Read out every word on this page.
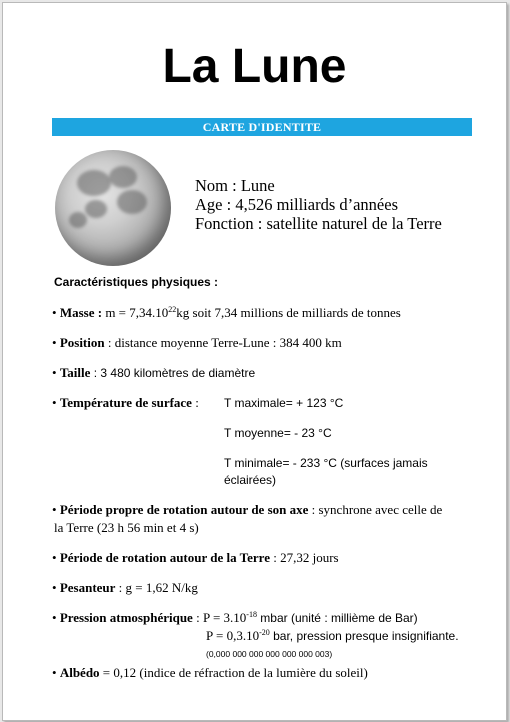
La Lune
CARTE D'IDENTITE
Nom : Lune
Age : 4,526 milliards d’années
Fonction : satellite naturel de la Terre
Caractéristiques physiques :
• Masse : $m = 7,34.10^{22}kg$ soit 7,34 millions de milliards de tonnes
• Position : distance moyenne Terre-Lune : 384 400 km
• Taille : 3 480 kilomètres de diamètre
• Température de surface : T maximale= + 123 °C
T moyenne= - 23 °C
T minimale= - 233 °C (surfaces jamais
éclairées)
• Période propre de rotation autour de son axe : synchrone avec celle de
la Terre (23 h 56 min et 4 s)
• Période de rotation autour de la Terre : 27,32 jours
• Pesanteur : g = 1,62 N/kg
• Pression atmosphérique : $P = 3.10^{-18}$ mbar (unité : millième de Bar)
$P = 0,3.10^{-20}$ bar, pression presque insignifiante.
(0,000 000 000 000 000 000 003)
• Albédo = 0,12 (indice de réfraction de la lumière du soleil)
